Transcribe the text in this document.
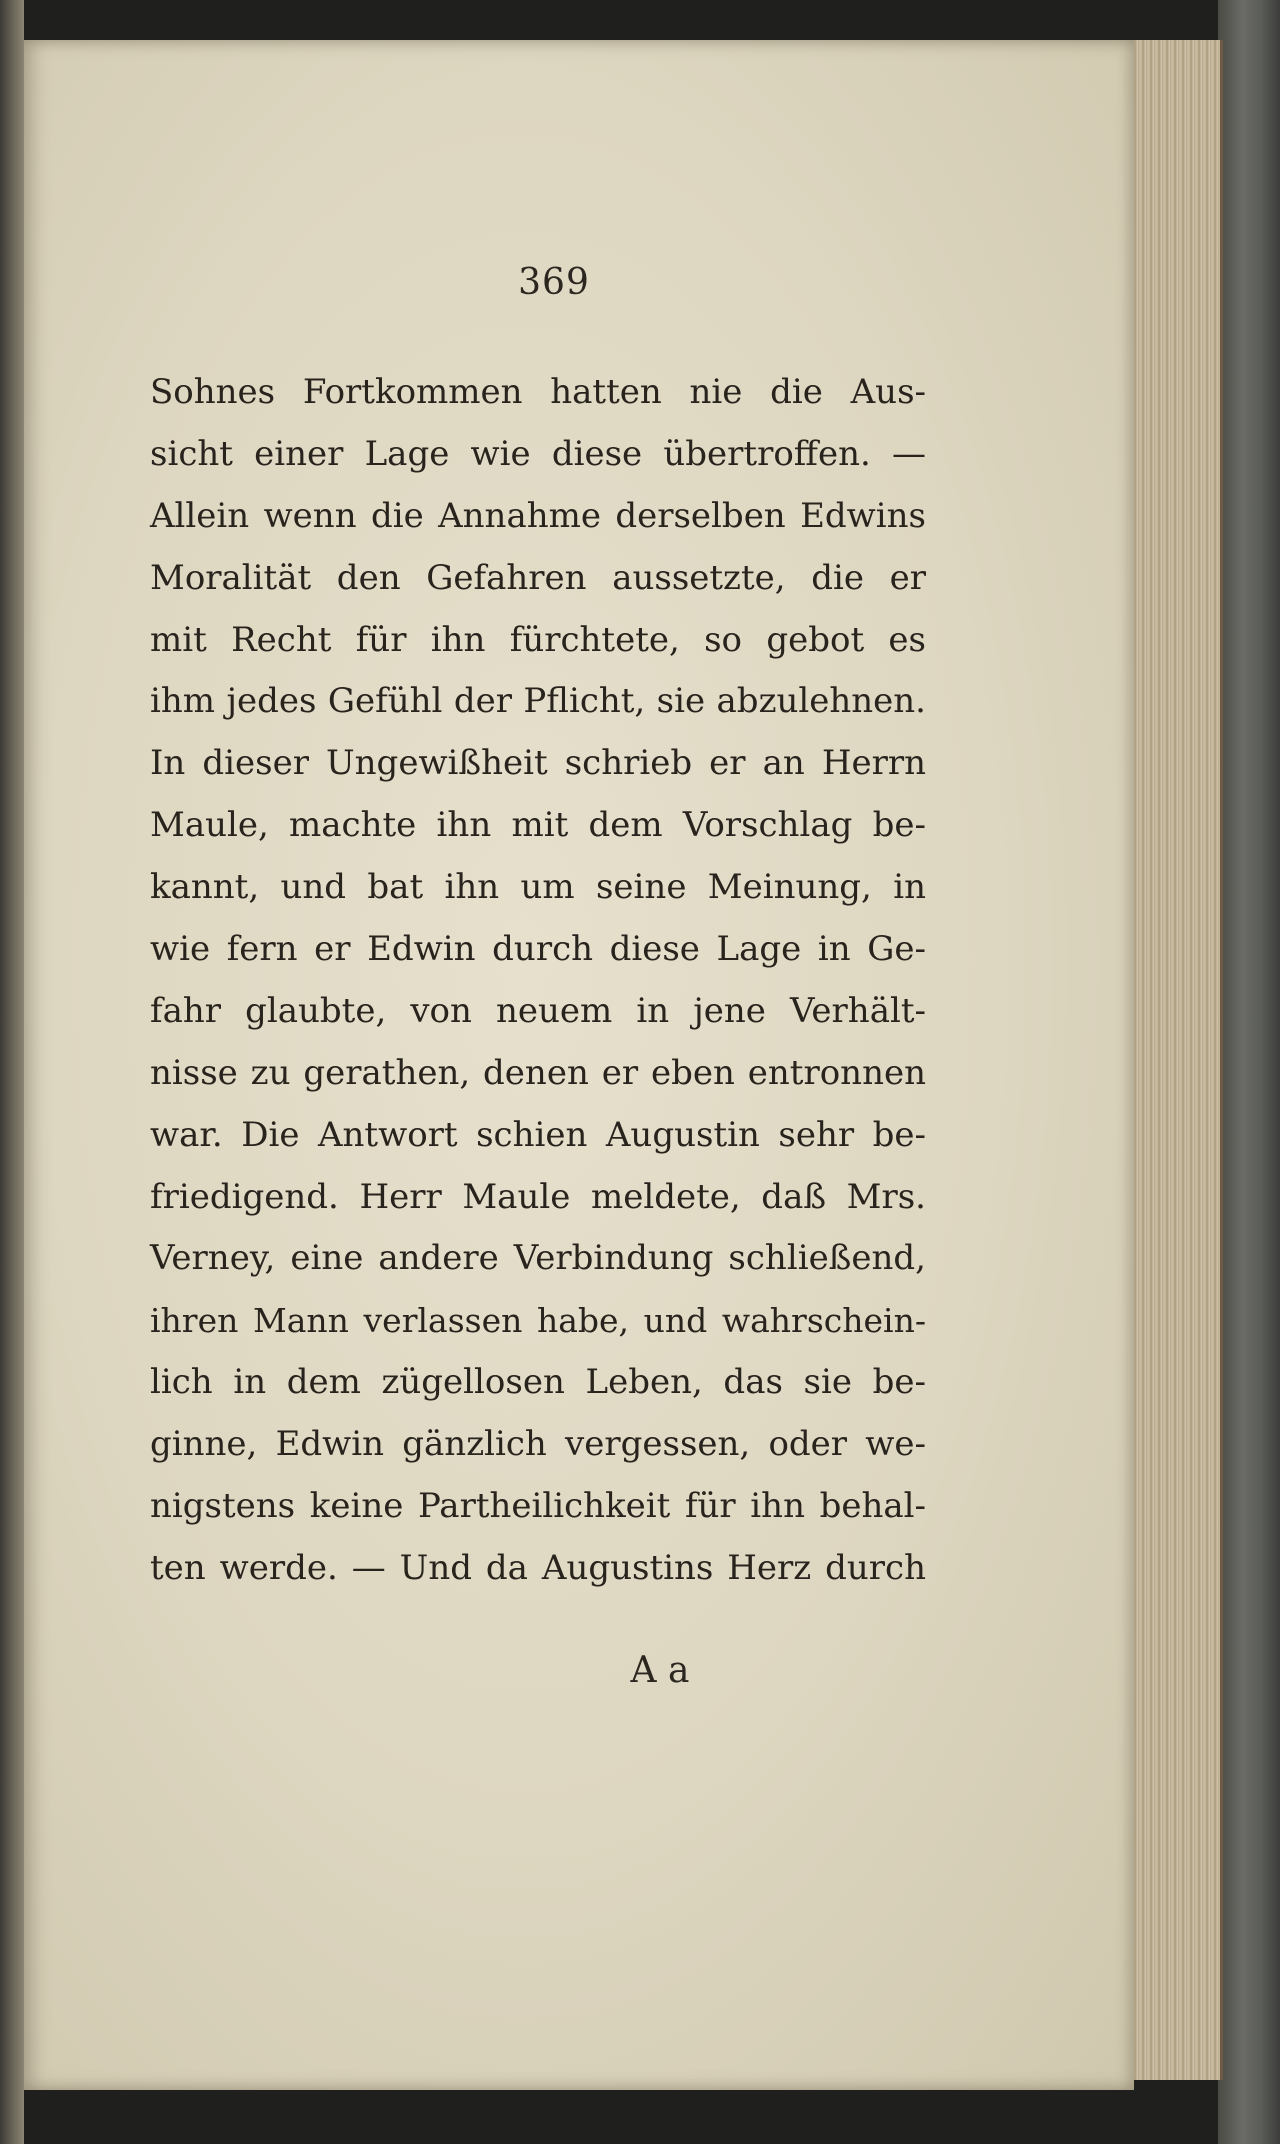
369
Sohnes Fortkommen hatten nie die Aus-
sicht einer Lage wie diese übertroffen. —
Allein wenn die Annahme derselben Edwins
Moralität den Gefahren aussetzte, die er
mit Recht für ihn fürchtete, so gebot es
ihm jedes Gefühl der Pflicht, sie abzulehnen.
In dieser Ungewißheit schrieb er an Herrn
Maule, machte ihn mit dem Vorschlag be-
kannt, und bat ihn um seine Meinung, in
wie fern er Edwin durch diese Lage in Ge-
fahr glaubte, von neuem in jene Verhält-
nisse zu gerathen, denen er eben entronnen
war. Die Antwort schien Augustin sehr be-
friedigend. Herr Maule meldete, daß Mrs.
Verney, eine andere Verbindung schließend,
ihren Mann verlassen habe, und wahrschein-
lich in dem zügellosen Leben, das sie be-
ginne, Edwin gänzlich vergessen, oder we-
nigstens keine Partheilichkeit für ihn behal-
ten werde. — Und da Augustins Herz durch
A a
